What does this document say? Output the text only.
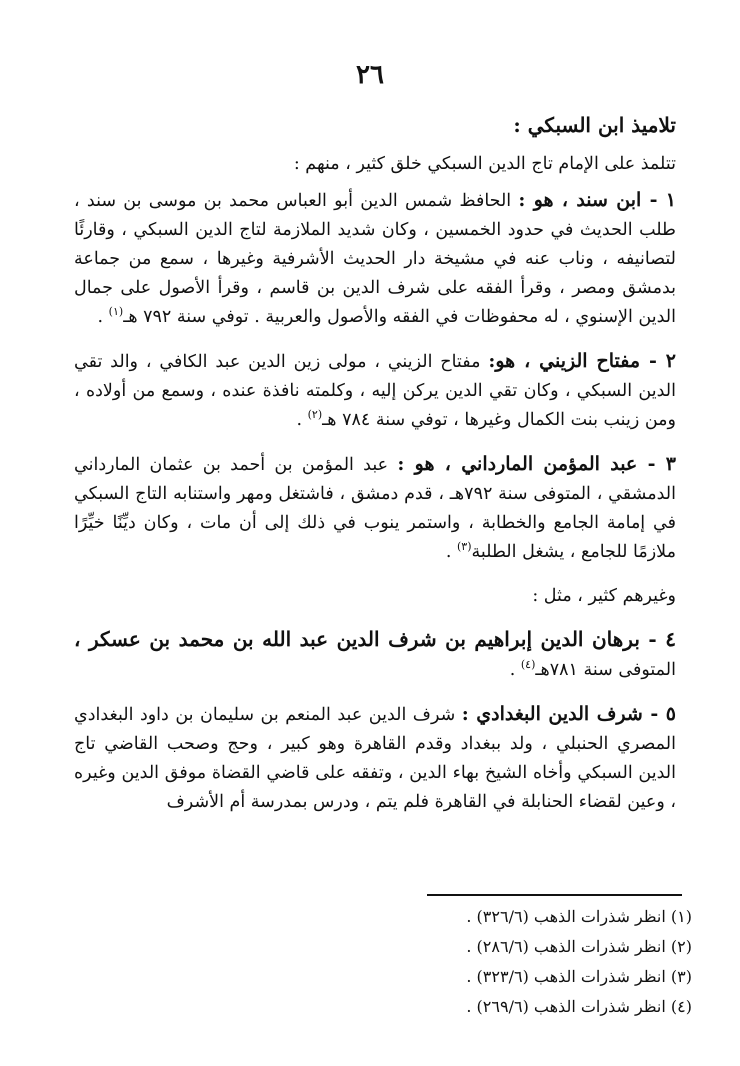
٢٦
تلاميذ ابن السبكي :
تتلمذ على الإمام تاج الدين السبكي خلق كثير ، منهم :
١ - ابن سند ، هو : الحافظ شمس الدين أبو العباس محمد بن موسى بن سند ، طلب الحديث في حدود الخمسين ، وكان شديد الملازمة لتاج الدين السبكي ، وقارئًا لتصانيفه ، وناب عنه في مشيخة دار الحديث الأشرفية وغيرها ، سمع من جماعة بدمشق ومصر ، وقرأ الفقه على شرف الدين بن قاسم ، وقرأ الأصول على جمال الدين الإسنوي ، له محفوظات في الفقه والأصول والعربية . توفي سنة ٧٩٢ هـ$^{(١)}$ .
٢ - مفتاح الزيني ، هو: مفتاح الزيني ، مولى زين الدين عبد الكافي ، والد تقي الدين السبكي ، وكان تقي الدين يركن إليه ، وكلمته نافذة عنده ، وسمع من أولاده ، ومن زينب بنت الكمال وغيرها ، توفي سنة ٧٨٤ هـ$^{(٢)}$ .
٣ - عبد المؤمن المارداني ، هو : عبد المؤمن بن أحمد بن عثمان المارداني الدمشقي ، المتوفى سنة ٧٩٢هـ ، قدم دمشق ، فاشتغل ومهر واستنابه التاج السبكي في إمامة الجامع والخطابة ، واستمر ينوب في ذلك إلى أن مات ، وكان ديِّنًا خيِّرًا ملازمًا للجامع ، يشغل الطلبة$^{(٣)}$ .
وغيرهم كثير ، مثل :
٤ - برهان الدين إبراهيم بن شرف الدين عبد الله بن محمد بن عسكر ، المتوفى سنة ٧٨١هـ$^{(٤)}$ .
٥ - شرف الدين البغدادي : شرف الدين عبد المنعم بن سليمان بن داود البغدادي المصري الحنبلي ، ولد ببغداد وقدم القاهرة وهو كبير ، وحج وصحب القاضي تاج الدين السبكي وأخاه الشيخ بهاء الدين ، وتفقه على قاضي القضاة موفق الدين وغيره ، وعين لقضاء الحنابلة في القاهرة فلم يتم ، ودرس بمدرسة أم الأشرف
(١) انظر شذرات الذهب (٣٢٦/٦) .
(٢) انظر شذرات الذهب (٢٨٦/٦) .
(٣) انظر شذرات الذهب (٣٢٣/٦) .
(٤) انظر شذرات الذهب (٢٦٩/٦) .
